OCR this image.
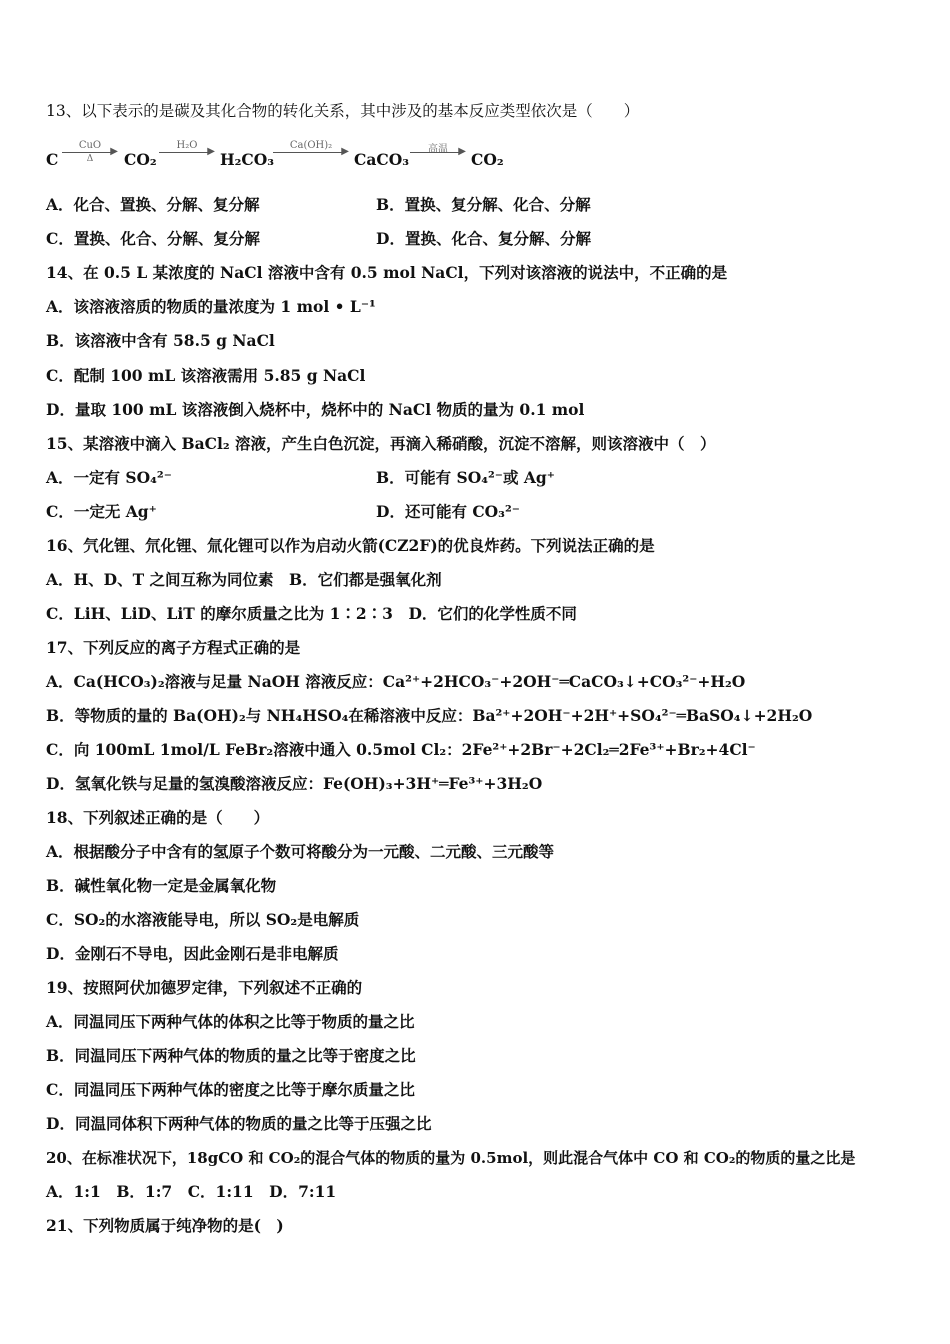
13、以下表示的是碳及其化合物的转化关系，其中涉及的基本反应类型依次是（　　）
C
CuO
▶
Δ	CO₂
H₂O
▶ H₂CO₃
Ca(OH)₂
▶ CaCO₃
高温	▶ CO₂
A．化合、置换、分解、复分解	B．置换、复分解、化合、分解
C．置换、化合、分解、复分解	D．置换、化合、复分解、分解
14、在 0.5 L 某浓度的 NaCl 溶液中含有 0.5 mol NaCl，下列对该溶液的说法中，不正确的是
A．该溶液溶质的物质的量浓度为 1 mol • L⁻¹
B．该溶液中含有 58.5 g NaCl
C．配制 100 mL 该溶液需用 5.85 g NaCl
D．量取 100 mL 该溶液倒入烧杯中，烧杯中的 NaCl 物质的量为 0.1 mol
15、某溶液中滴入 BaCl₂ 溶液，产生白色沉淀，再滴入稀硝酸，沉淀不溶解，则该溶液中（　）
A．一定有 SO₄²⁻	B．可能有 SO₄²⁻或 Ag⁺
C．一定无 Ag⁺	D．还可能有 CO₃²⁻
16、氕化锂、氘化锂、氚化锂可以作为启动火箭(CZ2F)的优良炸药。下列说法正确的是
A．H、D、T 之间互称为同位素　B．它们都是强氧化剂
C．LiH、LiD、LiT 的摩尔质量之比为 1∶2∶3　D．它们的化学性质不同
17、下列反应的离子方程式正确的是
A．Ca(HCO₃)₂溶液与足量 NaOH 溶液反应：Ca²⁺+2HCO₃⁻+2OH⁻═CaCO₃↓+CO₃²⁻+H₂O
B．等物质的量的 Ba(OH)₂与 NH₄HSO₄在稀溶液中反应：Ba²⁺+2OH⁻+2H⁺+SO₄²⁻═BaSO₄↓+2H₂O
C．向 100mL 1mol/L FeBr₂溶液中通入 0.5mol Cl₂：2Fe²⁺+2Br⁻+2Cl₂═2Fe³⁺+Br₂+4Cl⁻
D．氢氧化铁与足量的氢溴酸溶液反应：Fe(OH)₃+3H⁺═Fe³⁺+3H₂O
18、下列叙述正确的是（　　）
A．根据酸分子中含有的氢原子个数可将酸分为一元酸、二元酸、三元酸等
B．碱性氧化物一定是金属氧化物
C．SO₂的水溶液能导电，所以 SO₂是电解质
D．金刚石不导电，因此金刚石是非电解质
19、按照阿伏加德罗定律，下列叙述不正确的
A．同温同压下两种气体的体积之比等于物质的量之比
B．同温同压下两种气体的物质的量之比等于密度之比
C．同温同压下两种气体的密度之比等于摩尔质量之比
D．同温同体积下两种气体的物质的量之比等于压强之比
20、在标准状况下，18gCO 和 CO₂的混合气体的物质的量为 0.5mol，则此混合气体中 CO 和 CO₂的物质的量之比是
A．1:1　B．1:7　C．1:11　D．7:11
21、下列物质属于纯净物的是(　)
